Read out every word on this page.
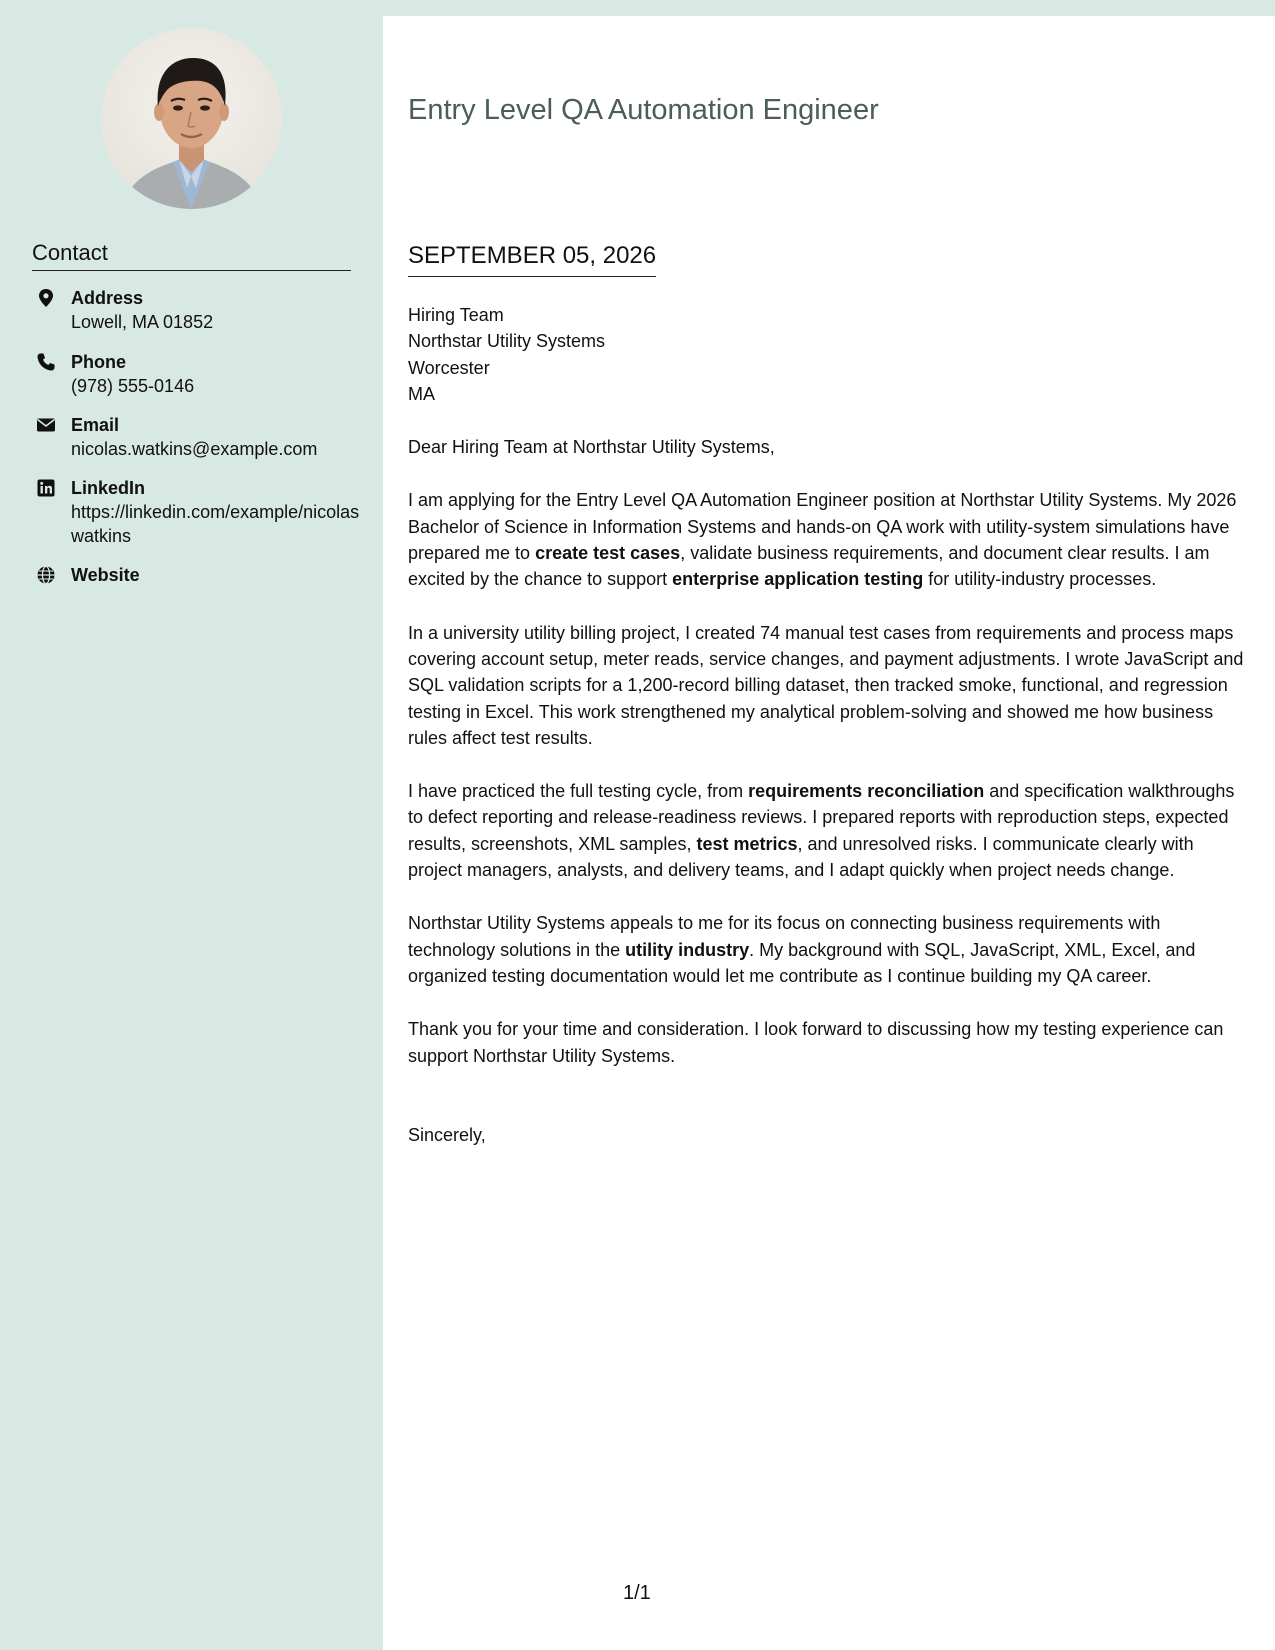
Contact
Address
Lowell, MA 01852
Phone
(978) 555-0146
Email
nicolas.watkins@example.com
LinkedIn
https://linkedin.com/example/nicolaswatkins
Website
Entry Level QA Automation Engineer
SEPTEMBER 05, 2026
Hiring Team
Northstar Utility Systems
Worcester
MA

Dear Hiring Team at Northstar Utility Systems,

I am applying for the Entry Level QA Automation Engineer position at Northstar Utility Systems. My 2026 Bachelor of Science in Information Systems and hands-on QA work with utility-system simulations have prepared me to create test cases, validate business requirements, and document clear results. I am excited by the chance to support enterprise application testing for utility-industry processes.

In a university utility billing project, I created 74 manual test cases from requirements and process maps covering account setup, meter reads, service changes, and payment adjustments. I wrote JavaScript and SQL validation scripts for a 1,200-record billing dataset, then tracked smoke, functional, and regression testing in Excel. This work strengthened my analytical problem-solving and showed me how business rules affect test results.

I have practiced the full testing cycle, from requirements reconciliation and specification walkthroughs to defect reporting and release-readiness reviews. I prepared reports with reproduction steps, expected results, screenshots, XML samples, test metrics, and unresolved risks. I communicate clearly with project managers, analysts, and delivery teams, and I adapt quickly when project needs change.

Northstar Utility Systems appeals to me for its focus on connecting business requirements with technology solutions in the utility industry. My background with SQL, JavaScript, XML, Excel, and organized testing documentation would let me contribute as I continue building my QA career.

Thank you for your time and consideration. I look forward to discussing how my testing experience can support Northstar Utility Systems.

Sincerely,
1/1
